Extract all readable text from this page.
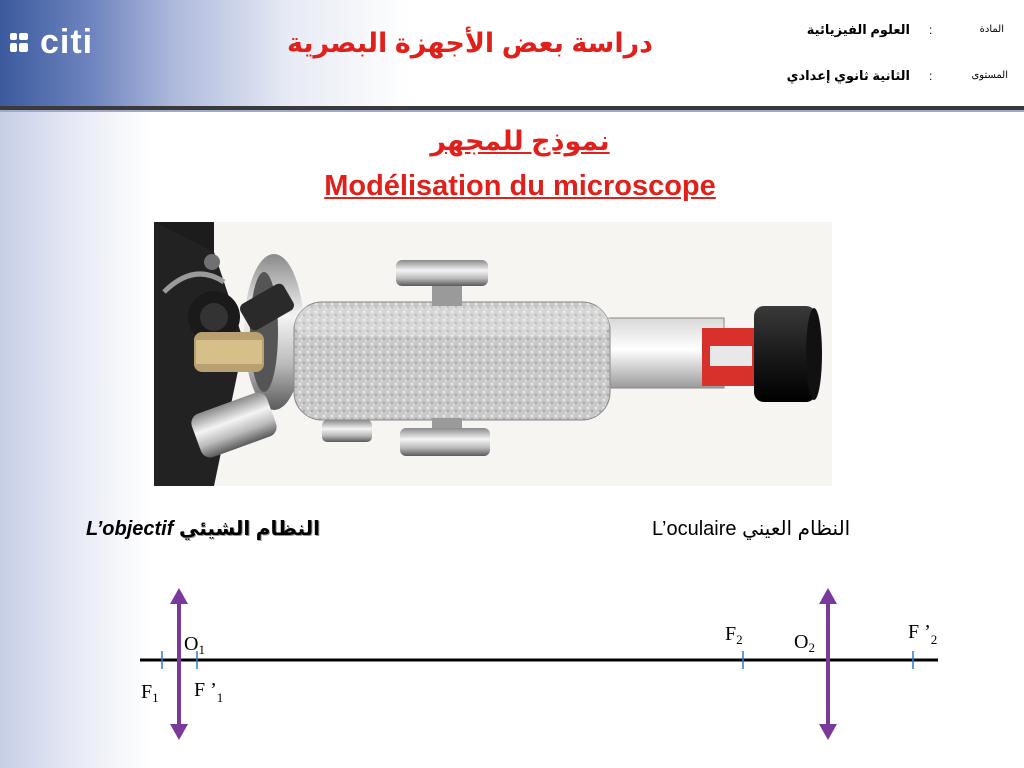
citi	دراسة بعض الأجهزة البصرية	المادة
:
العلوم الفيزيائية
المستوى
:
الثانية ثانوي إعدادي
نموذج للمجهر
Modélisation du microscope
L’objectif النظام الشيئي	L’oculaire النظام العيني
$O_1$
$F_1$ F $’_1$
$F_2$	$O_2$
F $’_2$
